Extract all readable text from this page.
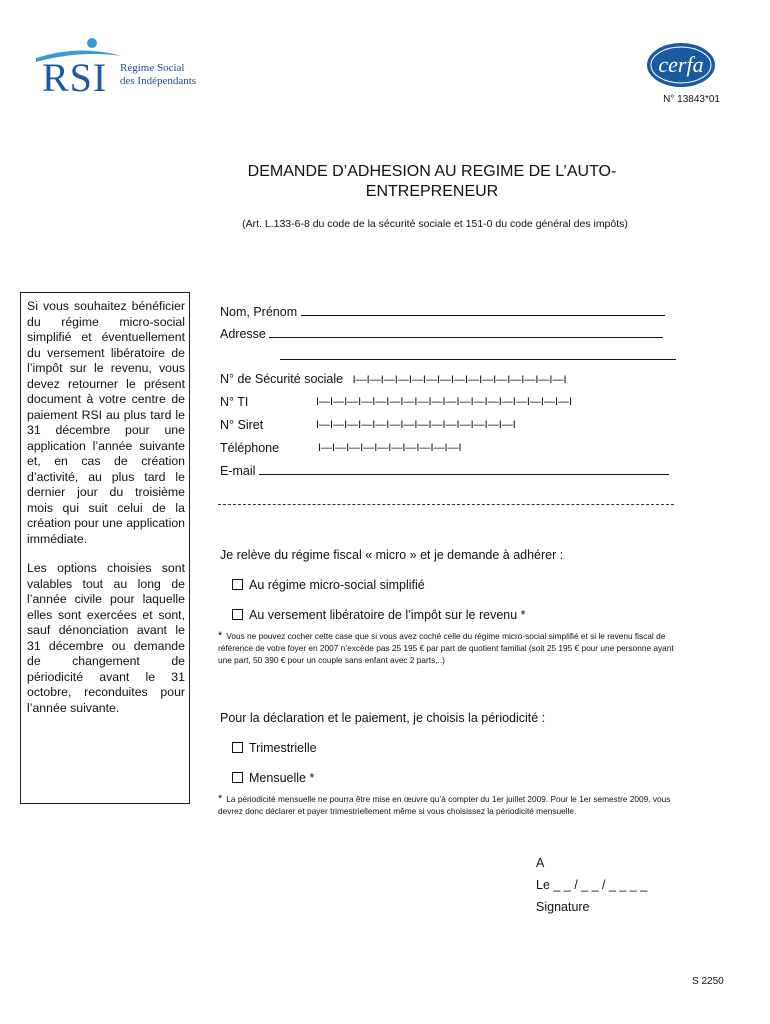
RSI Régime Social
des Indépendants
cerfa
N° 13843*01
DEMANDE D’ADHESION AU REGIME DE L’AUTO-
ENTREPRENEUR
(Art. L.133-6-8 du code de la sécurité sociale et 151-0 du code général des impôts)

Si vous souhaitez bénéficier du régime micro-social simplifié et éventuellement du versement libératoire de l’impôt sur le revenu, vous devez retourner le présent document à votre centre de paiement RSI au plus tard le 31 décembre pour une application l’année suivante et, en cas de création d’activité, au plus tard le dernier jour du troisième mois qui suit celui de la création pour une application immédiate.

Les options choisies sont valables tout au long de l’année civile pour laquelle elles sont exercées et sont, sauf dénonciation avant le 31 décembre ou demande de changement de périodicité avant le 31 octobre, reconduites pour l’année suivante.

Nom, Prénom
Adresse
N° de Sécurité sociale I—I—I—I—I—I—I—I—I—I—I—I—I—I—I—I
N° TI	I—I—I—I—I—I—I—I—I—I—I—I—I—I—I—I—I—I—I
N° Siret	I—I—I—I—I—I—I—I—I—I—I—I—I—I—I
Téléphone	I—I—I—I—I—I—I—I—I—I—I
E-mail
Je relève du régime fiscal « micro » et je demande à adhérer :
Au régime micro-social simplifié
Au versement libératoire de l’impôt sur le revenu *
* Vous ne pouvez cocher cette case que si vous avez coché celle du régime micro-social simplifié et si le revenu fiscal de référence de votre foyer en 2007 n’excède pas 25 195 € par part de quotient familial (soit 25 195 € pour une personne ayant une part, 50 390 € pour un couple sans enfant avec 2 parts,..)
Pour la déclaration et le paiement, je choisis la périodicité :
Trimestrielle
Mensuelle *
* La périodicité mensuelle ne pourra être mise en œuvre qu’à compter du 1er juillet 2009. Pour le 1er semestre 2009, vous devrez donc déclarer et payer trimestriellement même si vous choisissez la périodicité mensuelle.
A
Le _ _ / _ _ / _ _ _ _
Signature
S 2250
